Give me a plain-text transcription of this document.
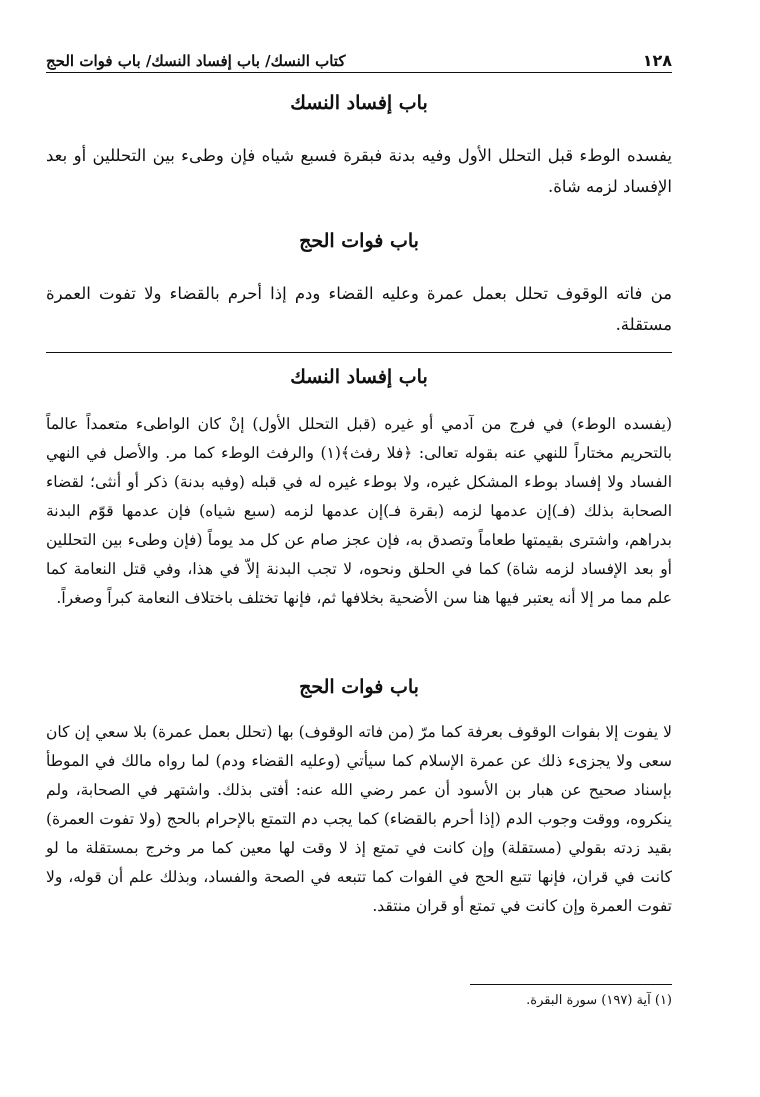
١٢٨
كتاب النسك/ باب إفساد النسك/ باب فوات الحج
باب إفساد النسك

يفسده الوطء قبل التحلل الأول وفيه بدنة فبقرة فسبع شياه فإن وطىء بين التحللين أو بعد الإفساد لزمه شاة.

باب فوات الحج

من فاته الوقوف تحلل بعمل عمرة وعليه القضاء ودم إذا أحرم بالقضاء ولا تفوت العمرة مستقلة.

باب إفساد النسك

(يفسده الوطء) في فرج من آدمي أو غيره (قبل التحلل الأول) إنْ كان الواطىء متعمداً عالماً بالتحريم مختاراً للنهي عنه بقوله تعالى: ﴿فلا رفث﴾(١) والرفث الوطء كما مر. والأصل في النهي الفساد ولا إفساد بوطء المشكل غيره، ولا بوطء غيره له في قبله (وفيه بدنة) ذكر أو أنثى؛ لقضاء الصحابة بذلك (فـ)إن عدمها لزمه (بقرة فـ)إن عدمها لزمه (سبع شياه) فإن عدمها قوّم البدنة بدراهم، واشترى بقيمتها طعاماً وتصدق به، فإن عجز صام عن كل مد يوماً (فإن وطىء بين التحللين أو بعد الإفساد لزمه شاة) كما في الحلق ونحوه، لا تجب البدنة إلاّ في هذا، وفي قتل النعامة كما علم مما مر إلا أنه يعتبر فيها هنا سن الأضحية بخلافها ثم، فإنها تختلف باختلاف النعامة كبراً وصغراً.

باب فوات الحج

لا يفوت إلا بفوات الوقوف بعرفة كما مرّ (من فاته الوقوف) بها (تحلل بعمل عمرة) بلا سعي إن كان سعى ولا يجزىء ذلك عن عمرة الإسلام كما سيأتي (وعليه القضاء ودم) لما رواه مالك في الموطأ بإسناد صحيح عن هبار بن الأسود أن عمر رضي الله عنه: أفتى بذلك. واشتهر في الصحابة، ولم ينكروه، ووقت وجوب الدم (إذا أحرم بالقضاء) كما يجب دم التمتع بالإحرام بالحج (ولا تفوت العمرة) بقيد زدته بقولي (مستقلة) وإن كانت في تمتع إذ لا وقت لها معين كما مر وخرج بمستقلة ما لو كانت في قران، فإنها تتبع الحج في الفوات كما تتبعه في الصحة والفساد، وبذلك علم أن قوله، ولا تفوت العمرة وإن كانت في تمتع أو قران منتقد.

(١) آية (١٩٧) سورة البقرة.
